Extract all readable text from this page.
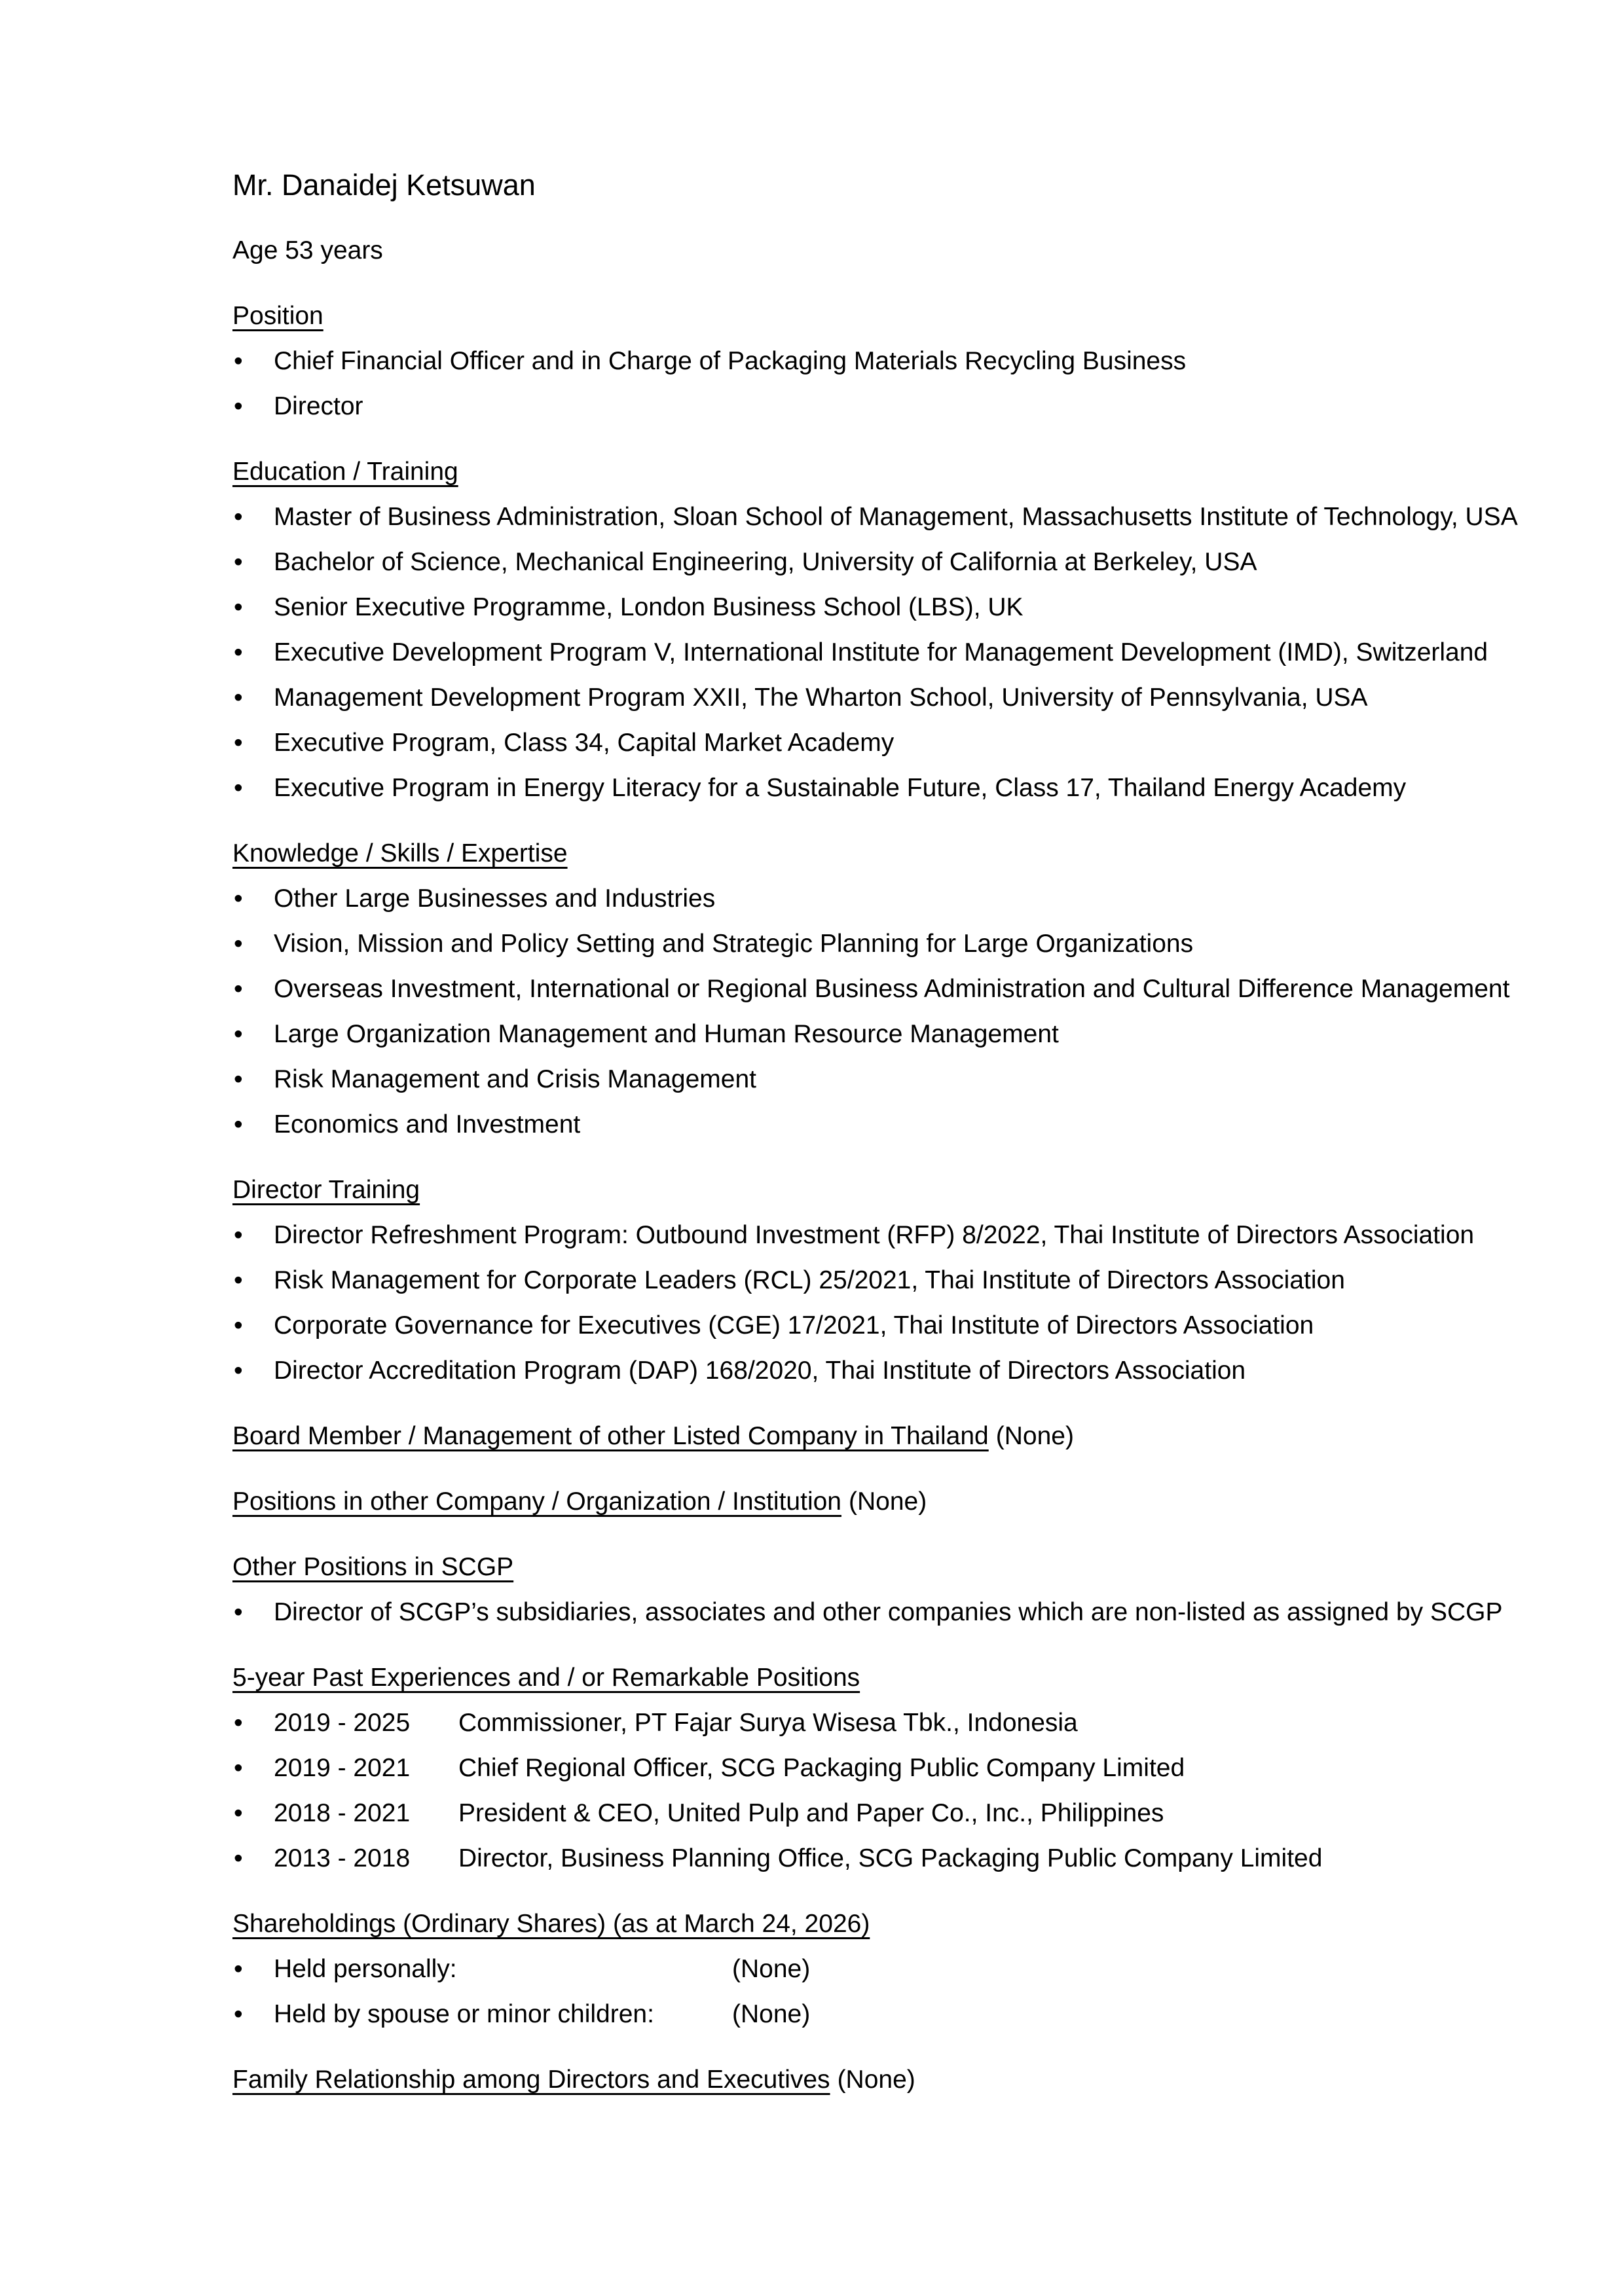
Mr. Danaidej Ketsuwan
Age 53 years
Position
• Chief Financial Officer and in Charge of Packaging Materials Recycling Business
• Director
Education / Training
• Master of Business Administration, Sloan School of Management, Massachusetts Institute of Technology, USA
• Bachelor of Science, Mechanical Engineering, University of California at Berkeley, USA
• Senior Executive Programme, London Business School (LBS), UK
• Executive Development Program V, International Institute for Management Development (IMD), Switzerland
• Management Development Program XXII, The Wharton School, University of Pennsylvania, USA
• Executive Program, Class 34, Capital Market Academy
• Executive Program in Energy Literacy for a Sustainable Future, Class 17, Thailand Energy Academy
Knowledge / Skills / Expertise
• Other Large Businesses and Industries
• Vision, Mission and Policy Setting and Strategic Planning for Large Organizations
• Overseas Investment, International or Regional Business Administration and Cultural Difference Management
• Large Organization Management and Human Resource Management
• Risk Management and Crisis Management
• Economics and Investment
Director Training
• Director Refreshment Program: Outbound Investment (RFP) 8/2022, Thai Institute of Directors Association
• Risk Management for Corporate Leaders (RCL) 25/2021, Thai Institute of Directors Association
• Corporate Governance for Executives (CGE) 17/2021, Thai Institute of Directors Association
• Director Accreditation Program (DAP) 168/2020, Thai Institute of Directors Association
Board Member / Management of other Listed Company in Thailand (None)
Positions in other Company / Organization / Institution (None)
Other Positions in SCGP
• Director of SCGP’s subsidiaries, associates and other companies which are non-listed as assigned by SCGP
5-year Past Experiences and / or Remarkable Positions
• 2019 - 2025 Commissioner, PT Fajar Surya Wisesa Tbk., Indonesia
• 2019 - 2021 Chief Regional Officer, SCG Packaging Public Company Limited
• 2018 - 2021 President & CEO, United Pulp and Paper Co., Inc., Philippines
• 2013 - 2018 Director, Business Planning Office, SCG Packaging Public Company Limited
Shareholdings (Ordinary Shares) (as at March 24, 2026)
• Held personally:	(None)
• Held by spouse or minor children:	(None)
Family Relationship among Directors and Executives (None)
